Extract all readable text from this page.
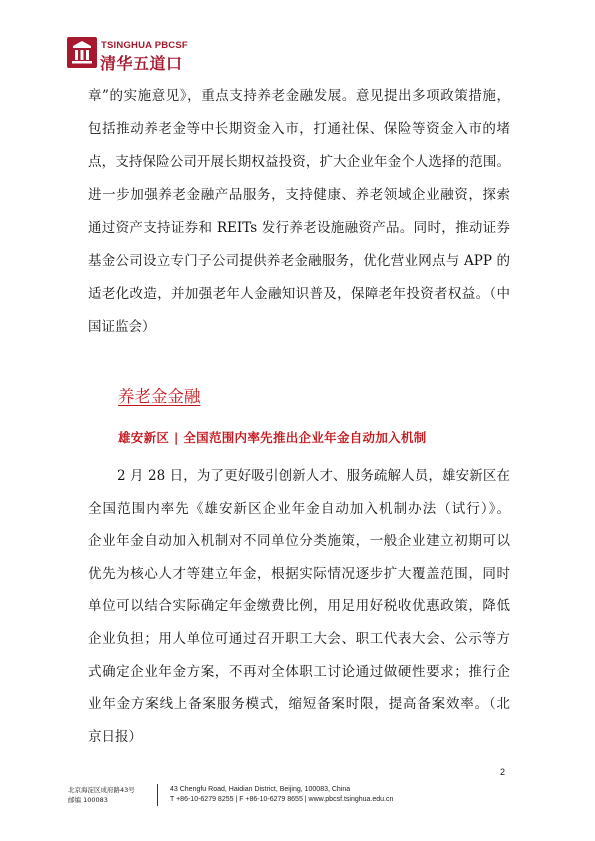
TSINGHUA PBCSF
清华五道口
章”的实施意见》，重点支持养老金融发展。意见提出多项政策措施，
包括推动养老金等中长期资金入市，打通社保、保险等资金入市的堵
点，支持保险公司开展长期权益投资，扩大企业年金个人选择的范围。
进一步加强养老金融产品服务，支持健康、养老领域企业融资，探索
通过资产支持证券和 REITs 发行养老设施融资产品。同时，推动证券
基金公司设立专门子公司提供养老金融服务，优化营业网点与 APP 的
适老化改造，并加强老年人金融知识普及，保障老年投资者权益。（中
国证监会）
养老金金融
雄安新区 | 全国范围内率先推出企业年金自动加入机制
2 月 28 日，为了更好吸引创新人才、服务疏解人员，雄安新区在
全国范围内率先《雄安新区企业年金自动加入机制办法（试行）》。
企业年金自动加入机制对不同单位分类施策，一般企业建立初期可以
优先为核心人才等建立年金，根据实际情况逐步扩大覆盖范围，同时
单位可以结合实际确定年金缴费比例，用足用好税收优惠政策，降低
企业负担；用人单位可通过召开职工大会、职工代表大会、公示等方
式确定企业年金方案，不再对全体职工讨论通过做硬性要求；推行企
业年金方案线上备案服务模式，缩短备案时限，提高备案效率。（北
京日报）
2
北京海淀区成府路43号
邮编 100083
43 Chengfu Road, Haidian District, Beijing, 100083, China
T +86-10-6279 8255 | F +86-10-6279 8655 | www.pbcsf.tsinghua.edu.cn
